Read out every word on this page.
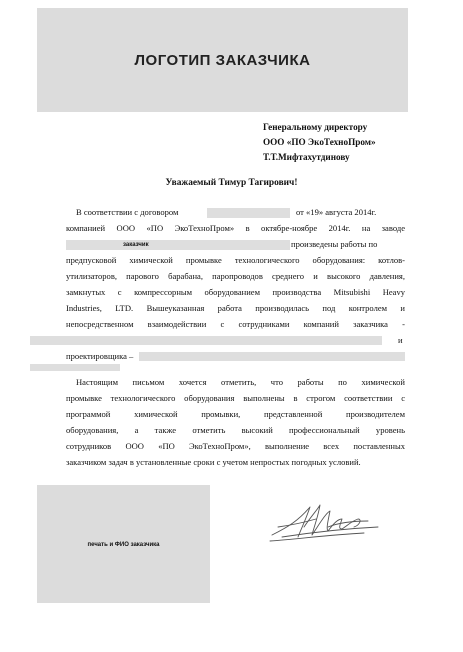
ЛОГОТИП ЗАКАЗЧИКА
Генеральному директору
ООО «ПО ЭкоТехноПром»
Т.Т.Мифтахутдинову
Уважаемый Тимур Тагирович!
В соответствии с договором	от «19» августа 2014г.
компанией ООО «ПО ЭкоТехноПром» в октябре-ноябре 2014г. на заводе
заказчик	произведены работы по
предпусковой химической промывке технологического оборудования: котлов-
утилизаторов, парового барабана, паропроводов среднего и высокого давления,
замкнутых с компрессорным оборудованием производства Mitsubishi Heavy
Industries, LTD. Вышеуказанная работа производилась под контролем и
непосредственном взаимодействии с сотрудниками компаний заказчика -
и
проектировщика –
Настоящим письмом хочется отметить, что работы по химической
промывке технологического оборудования выполнены в строгом соответствии с
программой химической промывки, представленной производителем
оборудования, а также отметить высокий профессиональный уровень
сотрудников ООО «ПО ЭкоТехноПром», выполнение всех поставленных
заказчиком задач в установленные сроки с учетом непростых погодных условий.
печать и ФИО заказчика
